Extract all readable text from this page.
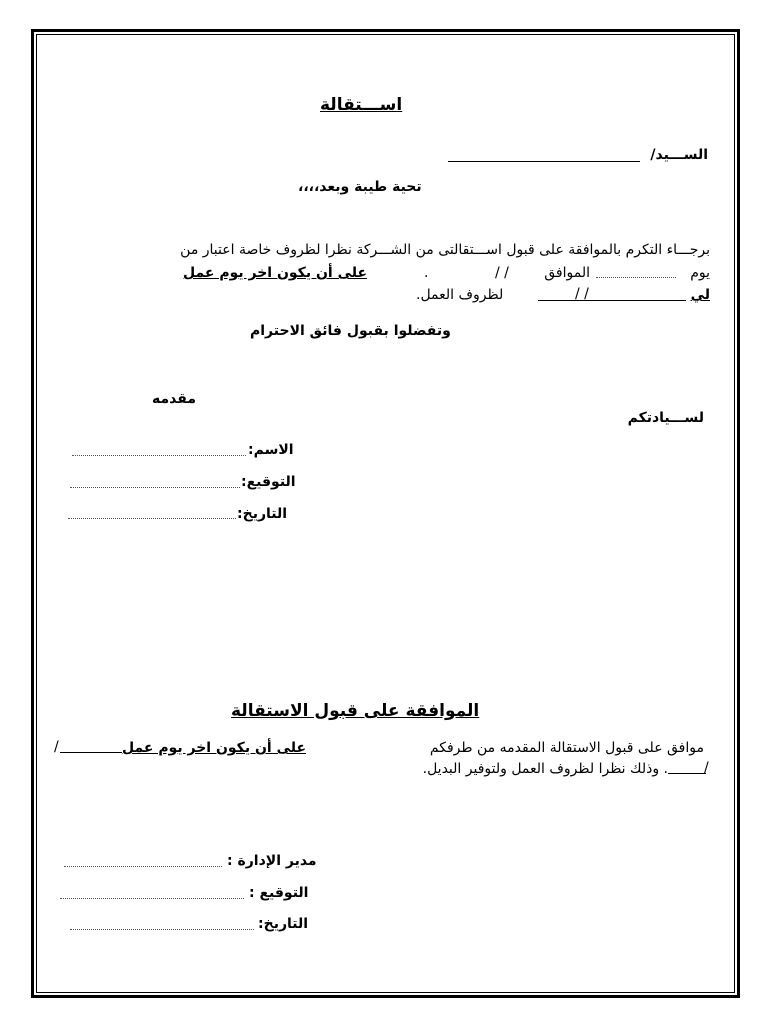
اســـتقالة
الســـيد/
تحية طيبة وبعد،،،،
برجـــاء التكرم بالموافقة على قبول اســـتقالتى من الشـــركة نظرا لظروف خاصة اعتبار من
يوم
الموافق
/ /
.
على أن يكون اخر يوم عمل
لي
/ /
لظروف العمل.
وتفضلوا بقبول فائق الاحترام
مقدمه
لســـيادتكم
الاسم:
التوقيع:
التاريخ:
الموافقة على قبول الاستقالة
موافق على قبول الاستقالة المقدمه من طرفكم
على أن يكون اخر يوم عمل
/
. وذلك نظرا لظروف العمل ولتوفير البديل.	/
مدير الإدارة :
التوقيع :
التاريخ:
